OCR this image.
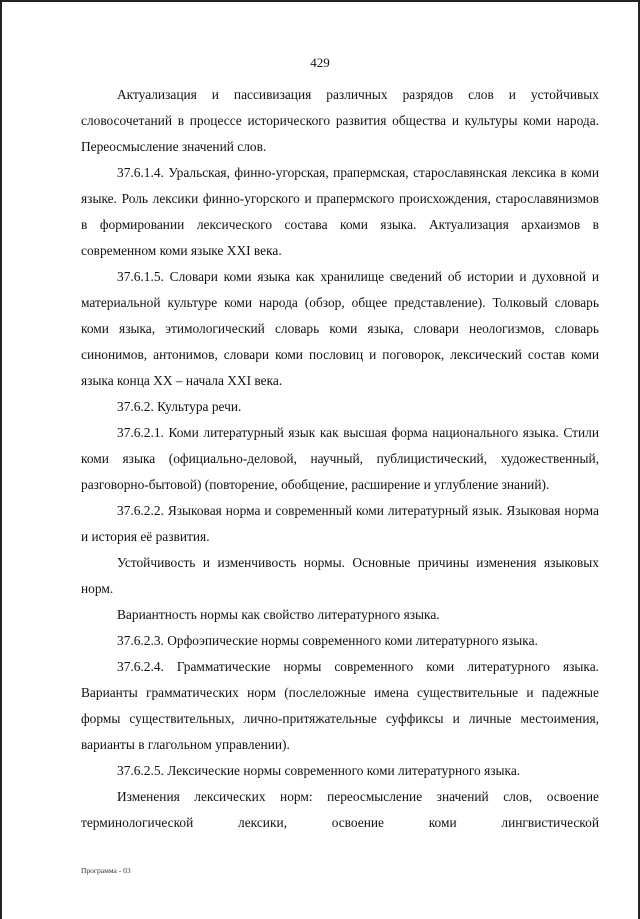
429

Актуализация и пассивизация различных разрядов слов и устойчивых словосочетаний в процессе исторического развития общества и культуры коми народа. Переосмысление значений слов.

37.6.1.4. Уральская, финно-угорская, прапермская, старославянская лексика в коми языке. Роль лексики финно-угорского и прапермского происхождения, старославянизмов в формировании лексического состава коми языка. Актуализация архаизмов в современном коми языке XXI века.

37.6.1.5. Словари коми языка как хранилище сведений об истории и духовной и материальной культуре коми народа (обзор, общее представление). Толковый словарь коми языка, этимологический словарь коми языка, словари неологизмов, словарь синонимов, антонимов, словари коми пословиц и поговорок, лексический состав коми языка конца XX – начала XXI века.

37.6.2. Культура речи.

37.6.2.1. Коми литературный язык как высшая форма национального языка. Стили коми языка (официально-деловой, научный, публицистический, художественный, разговорно-бытовой) (повторение, обобщение, расширение и углубление знаний).

37.6.2.2. Языковая норма и современный коми литературный язык. Языковая норма и история её развития.

Устойчивость и изменчивость нормы. Основные причины изменения языковых норм.

Вариантность нормы как свойство литературного языка.

37.6.2.3. Орфоэпические нормы современного коми литературного языка.

37.6.2.4. Грамматические нормы современного коми литературного языка. Варианты грамматических норм (послеложные имена существительные и падежные формы существительных, лично-притяжательные суффиксы и личные местоимения, варианты в глагольном управлении).

37.6.2.5. Лексические нормы современного коми литературного языка.

Изменения лексических норм: переосмысление значений слов, освоение терминологической лексики, освоение коми лингвистической

Программа - 03
